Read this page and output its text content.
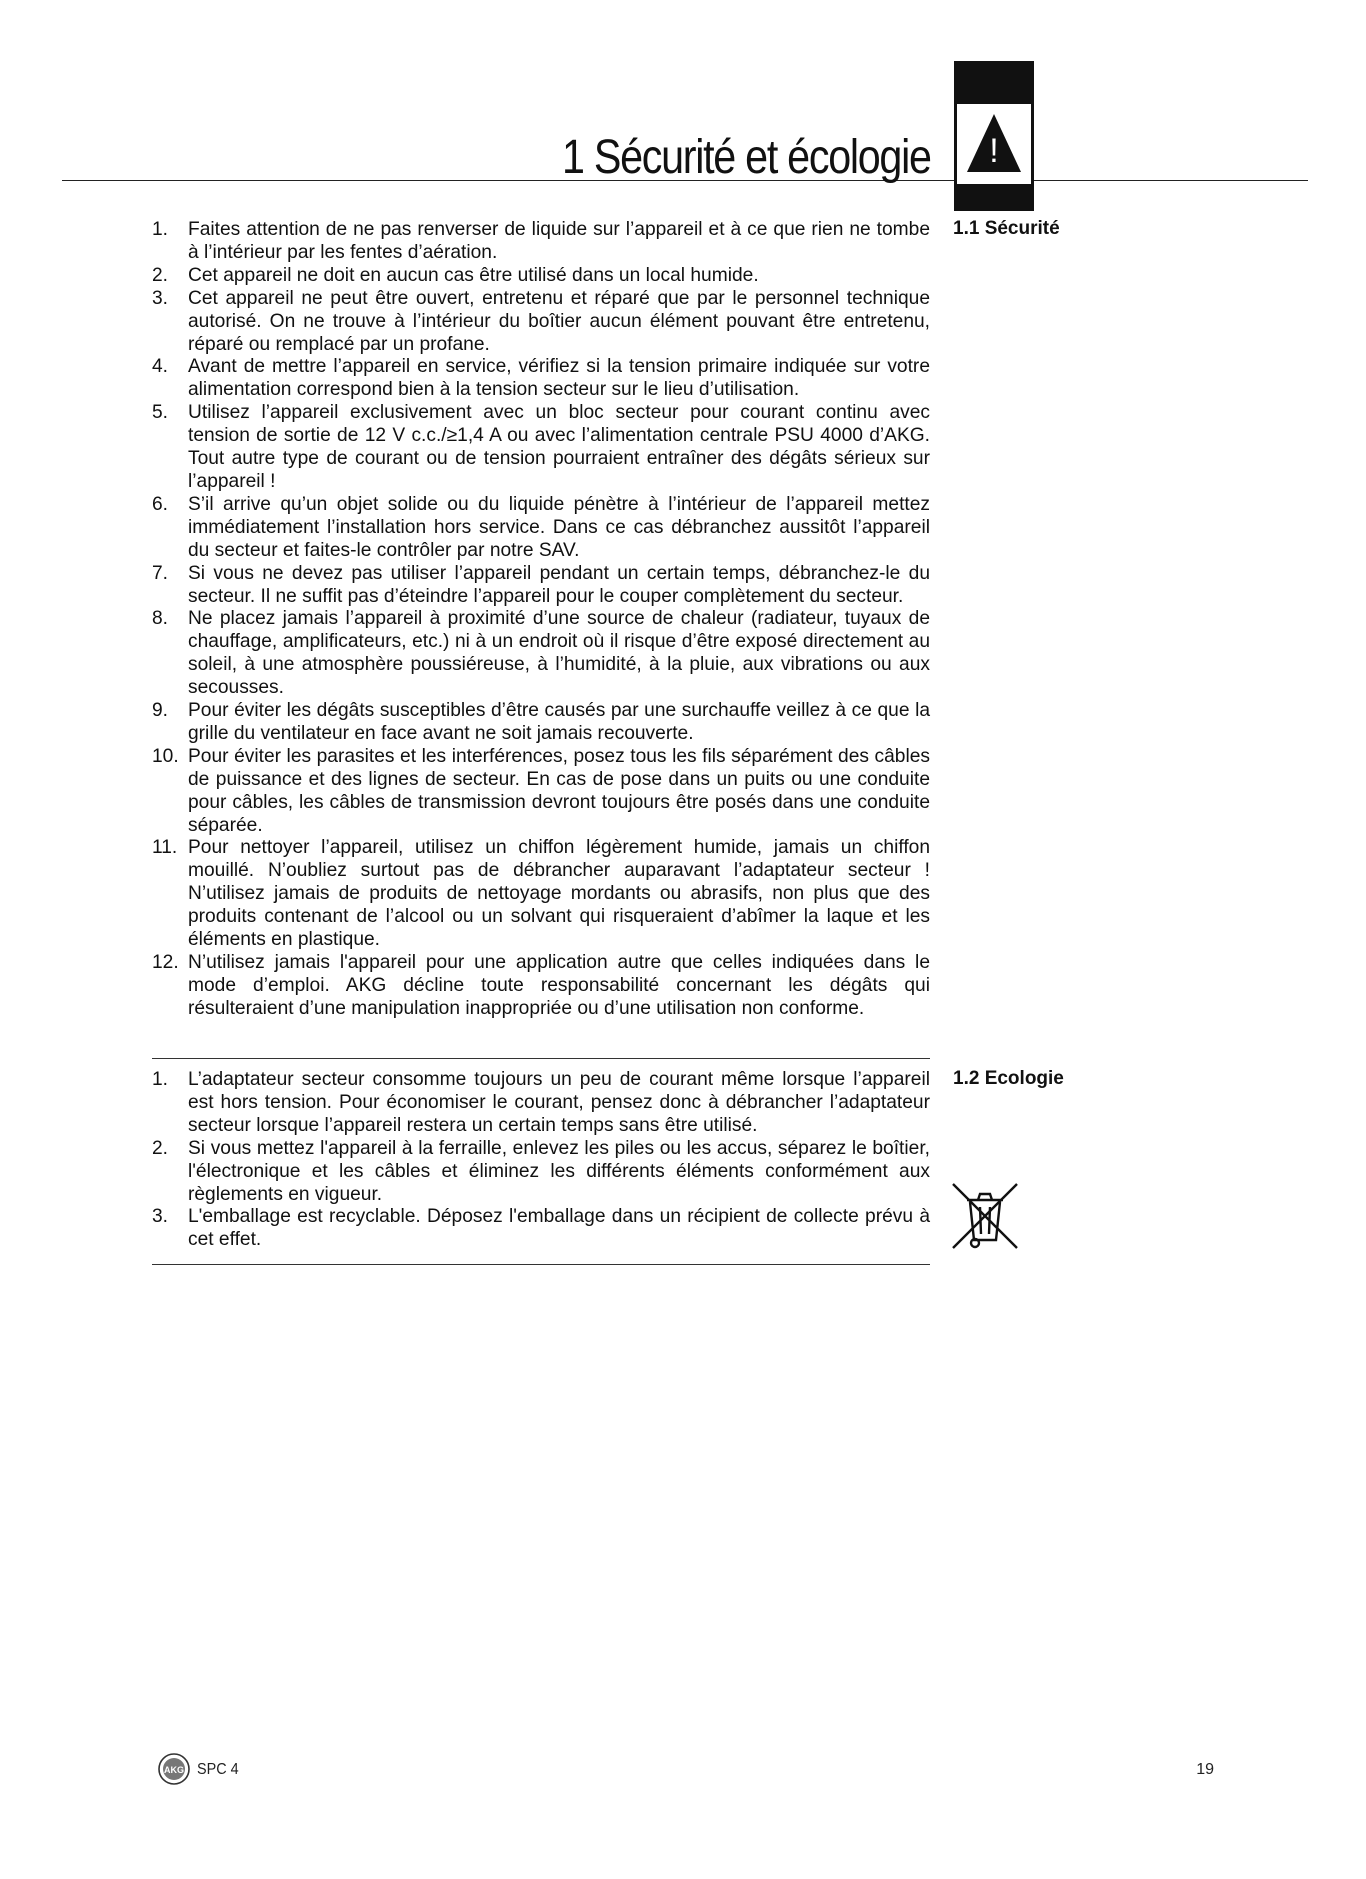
1 Sécurité et écologie !
1.1 Sécurité
1. Faites attention de ne pas renverser de liquide sur l’appareil et à ce que rien ne tombe à l’intérieur par les fentes d’aération.
2. Cet appareil ne doit en aucun cas être utilisé dans un local humide.
3. Cet appareil ne peut être ouvert, entretenu et réparé que par le personnel technique autorisé. On ne trouve à l’intérieur du boîtier aucun élément pouvant être entretenu, réparé ou remplacé par un profane.
4. Avant de mettre l’appareil en service, vérifiez si la tension primaire indiquée sur votre alimentation correspond bien à la tension secteur sur le lieu d’utilisation.
5. Utilisez l’appareil exclusivement avec un bloc secteur pour courant continu avec tension de sortie de 12 V c.c./≥1,4 A ou avec l’alimentation centrale PSU 4000 d’AKG. Tout autre type de courant ou de tension pourraient entraîner des dégâts sérieux sur l’appareil !
6. S’il arrive qu’un objet solide ou du liquide pénètre à l’intérieur de l’appareil mettez immédiatement l’installation hors service. Dans ce cas débranchez aussitôt l’appareil du secteur et faites-le contrôler par notre SAV.
7. Si vous ne devez pas utiliser l’appareil pendant un certain temps, débranchez-le du secteur. Il ne suffit pas d’éteindre l’appareil pour le couper complètement du secteur.
8. Ne placez jamais l’appareil à proximité d’une source de chaleur (radiateur, tuyaux de chauffage, amplificateurs, etc.) ni à un endroit où il risque d’être exposé directement au soleil, à une atmosphère poussiéreuse, à l’humidité, à la pluie, aux vibrations ou aux secousses.
9. Pour éviter les dégâts susceptibles d’être causés par une surchauffe veillez à ce que la grille du ventilateur en face avant ne soit jamais recouverte.
10. Pour éviter les parasites et les interférences, posez tous les fils séparément des câbles de puissance et des lignes de secteur. En cas de pose dans un puits ou une conduite pour câbles, les câbles de transmission devront toujours être posés dans une conduite séparée.
11. Pour nettoyer l’appareil, utilisez un chiffon légèrement humide, jamais un chiffon mouillé. N’oubliez surtout pas de débrancher auparavant l’adaptateur secteur ! N’utilisez jamais de produits de nettoyage mordants ou abrasifs, non plus que des produits contenant de l’alcool ou un solvant qui risqueraient d’abîmer la laque et les éléments en plastique.
12. N’utilisez jamais l'appareil pour une application autre que celles indiquées dans le mode d’emploi. AKG décline toute responsabilité concernant les dégâts qui résulteraient d’une manipulation inappropriée ou d’une utilisation non conforme.
1.2 Ecologie
1. L’adaptateur secteur consomme toujours un peu de courant même lorsque l’appareil est hors tension. Pour économiser le courant, pensez donc à débrancher l’adaptateur secteur lorsque l’appareil restera un certain temps sans être utilisé.
2. Si vous mettez l'appareil à la ferraille, enlevez les piles ou les accus, séparez le boîtier, l'électronique et les câbles et éliminez les différents éléments conformément aux règlements en vigueur.
3. L'emballage est recyclable. Déposez l'emballage dans un récipient de collecte prévu à cet effet.
AKG SPC 4	19
